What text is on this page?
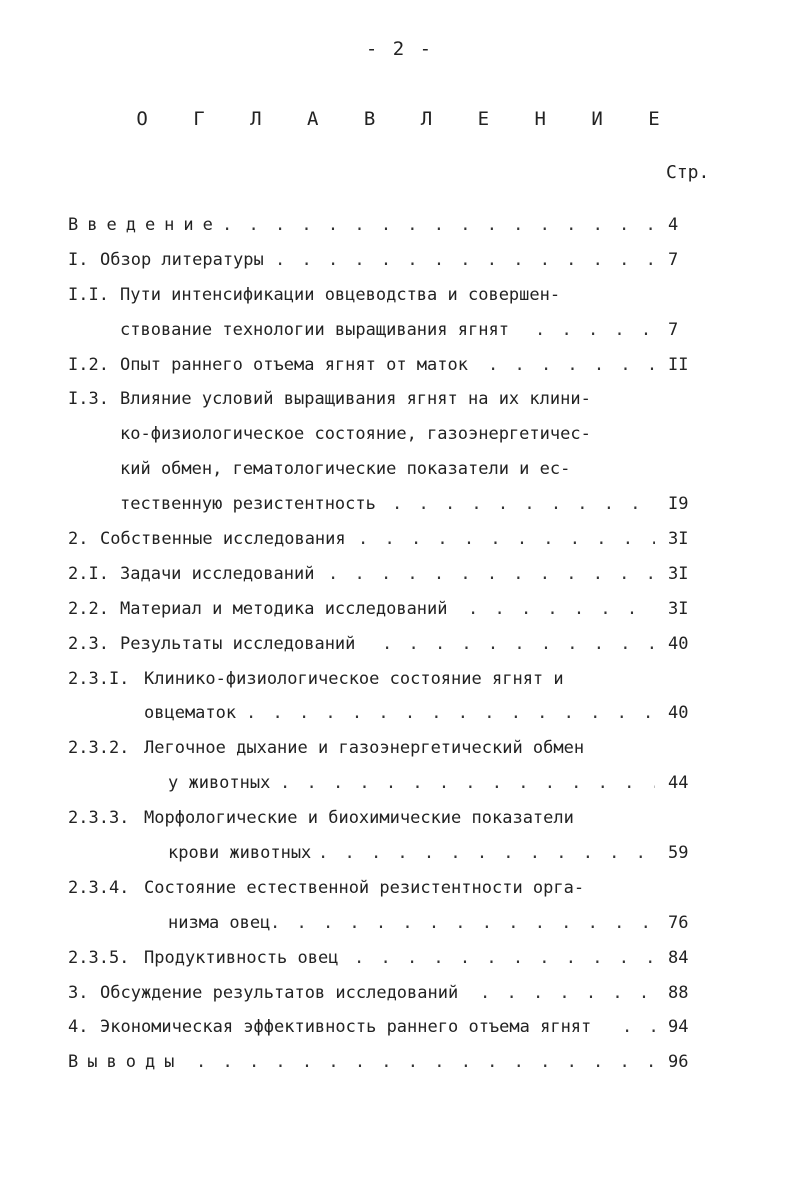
- 2 -
О Г Л А В Л Е Н И Е
Стр.
Введение . . .	4
I. Обзор литературы . . .	7
I.I. Пути интенсификации овцеводства и совершен-
ствование технологии выращивания ягнят . . .	7
I.2. Опыт раннего отъема ягнят от маток . . .	II
I.3. Влияние условий выращивания ягнят на их клини-
ко-физиологическое состояние, газоэнергетичес-
кий обмен, гематологические показатели и ес-
тественную резистентность . . .	I9
2. Собственные исследования . . .	3I
2.I. Задачи исследований . . .	3I
2.2. Материал и методика исследований . . .	3I
2.3. Результаты исследований . . .	40
2.3.I. Клинико-физиологическое состояние ягнят и
овцематок . . .	40
2.3.2. Легочное дыхание и газоэнергетический обмен
у животных . . .	44
2.3.3. Морфологические и биохимические показатели
крови животных . . .	59
2.3.4. Состояние естественной резистентности орга-
низма овец . . .	76
2.3.5. Продуктивность овец . . .	84
3. Обсуждение результатов исследований . . .	88
4. Экономическая эффективность раннего отъема ягнят . . .	94
Выводы . . .	96
